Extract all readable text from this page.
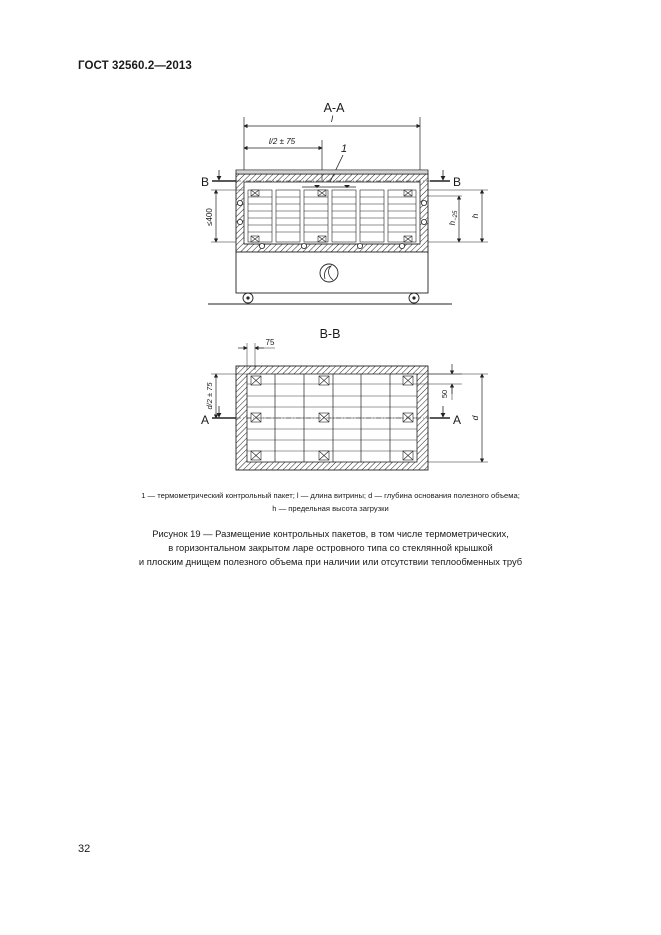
ГОСТ 32560.2—2013
А-А
l
l/2 ± 75
1
В	В
≤400	$h_{-25}$ h
В-В
75
А	А
d/2 ± 75	50
d
1 — термометрический контрольный пакет; l — длина витрины; d — глубина основания полезного объема;
h — предельная высота загрузки
Рисунок 19 — Размещение контрольных пакетов, в том числе термометрических,
в горизонтальном закрытом ларе островного типа со стеклянной крышкой
и плоским днищем полезного объема при наличии или отсутствии теплообменных труб
32
